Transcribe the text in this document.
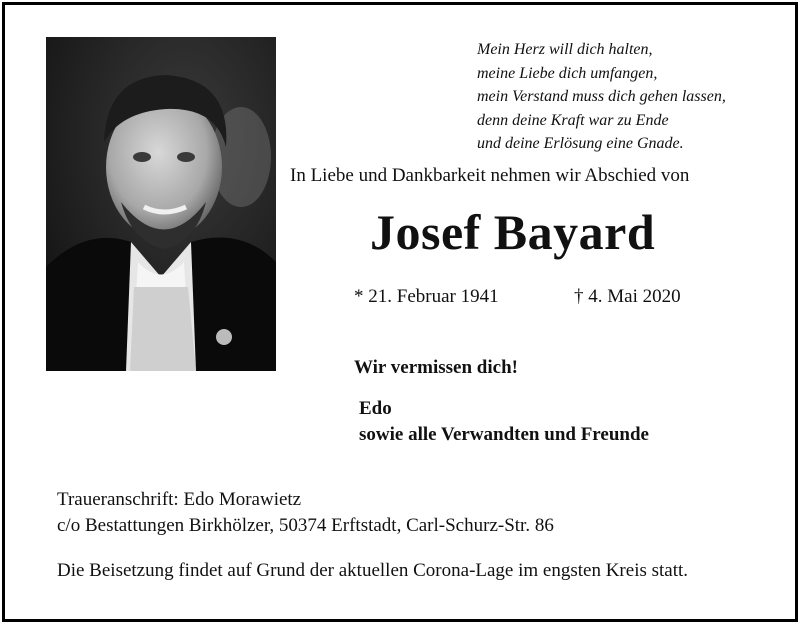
Mein Herz will dich halten,
meine Liebe dich umfangen,
mein Verstand muss dich gehen lassen,
denn deine Kraft war zu Ende
und deine Erlösung eine Gnade.
In Liebe und Dankbarkeit nehmen wir Abschied von
Josef Bayard
* 21. Februar 1941	† 4. Mai 2020
Wir vermissen dich!
Edo
sowie alle Verwandten und Freunde
Traueranschrift: Edo Morawietz
c/o Bestattungen Birkhölzer, 50374 Erftstadt, Carl-Schurz-Str. 86
Die Beisetzung findet auf Grund der aktuellen Corona-Lage im engsten Kreis statt.
